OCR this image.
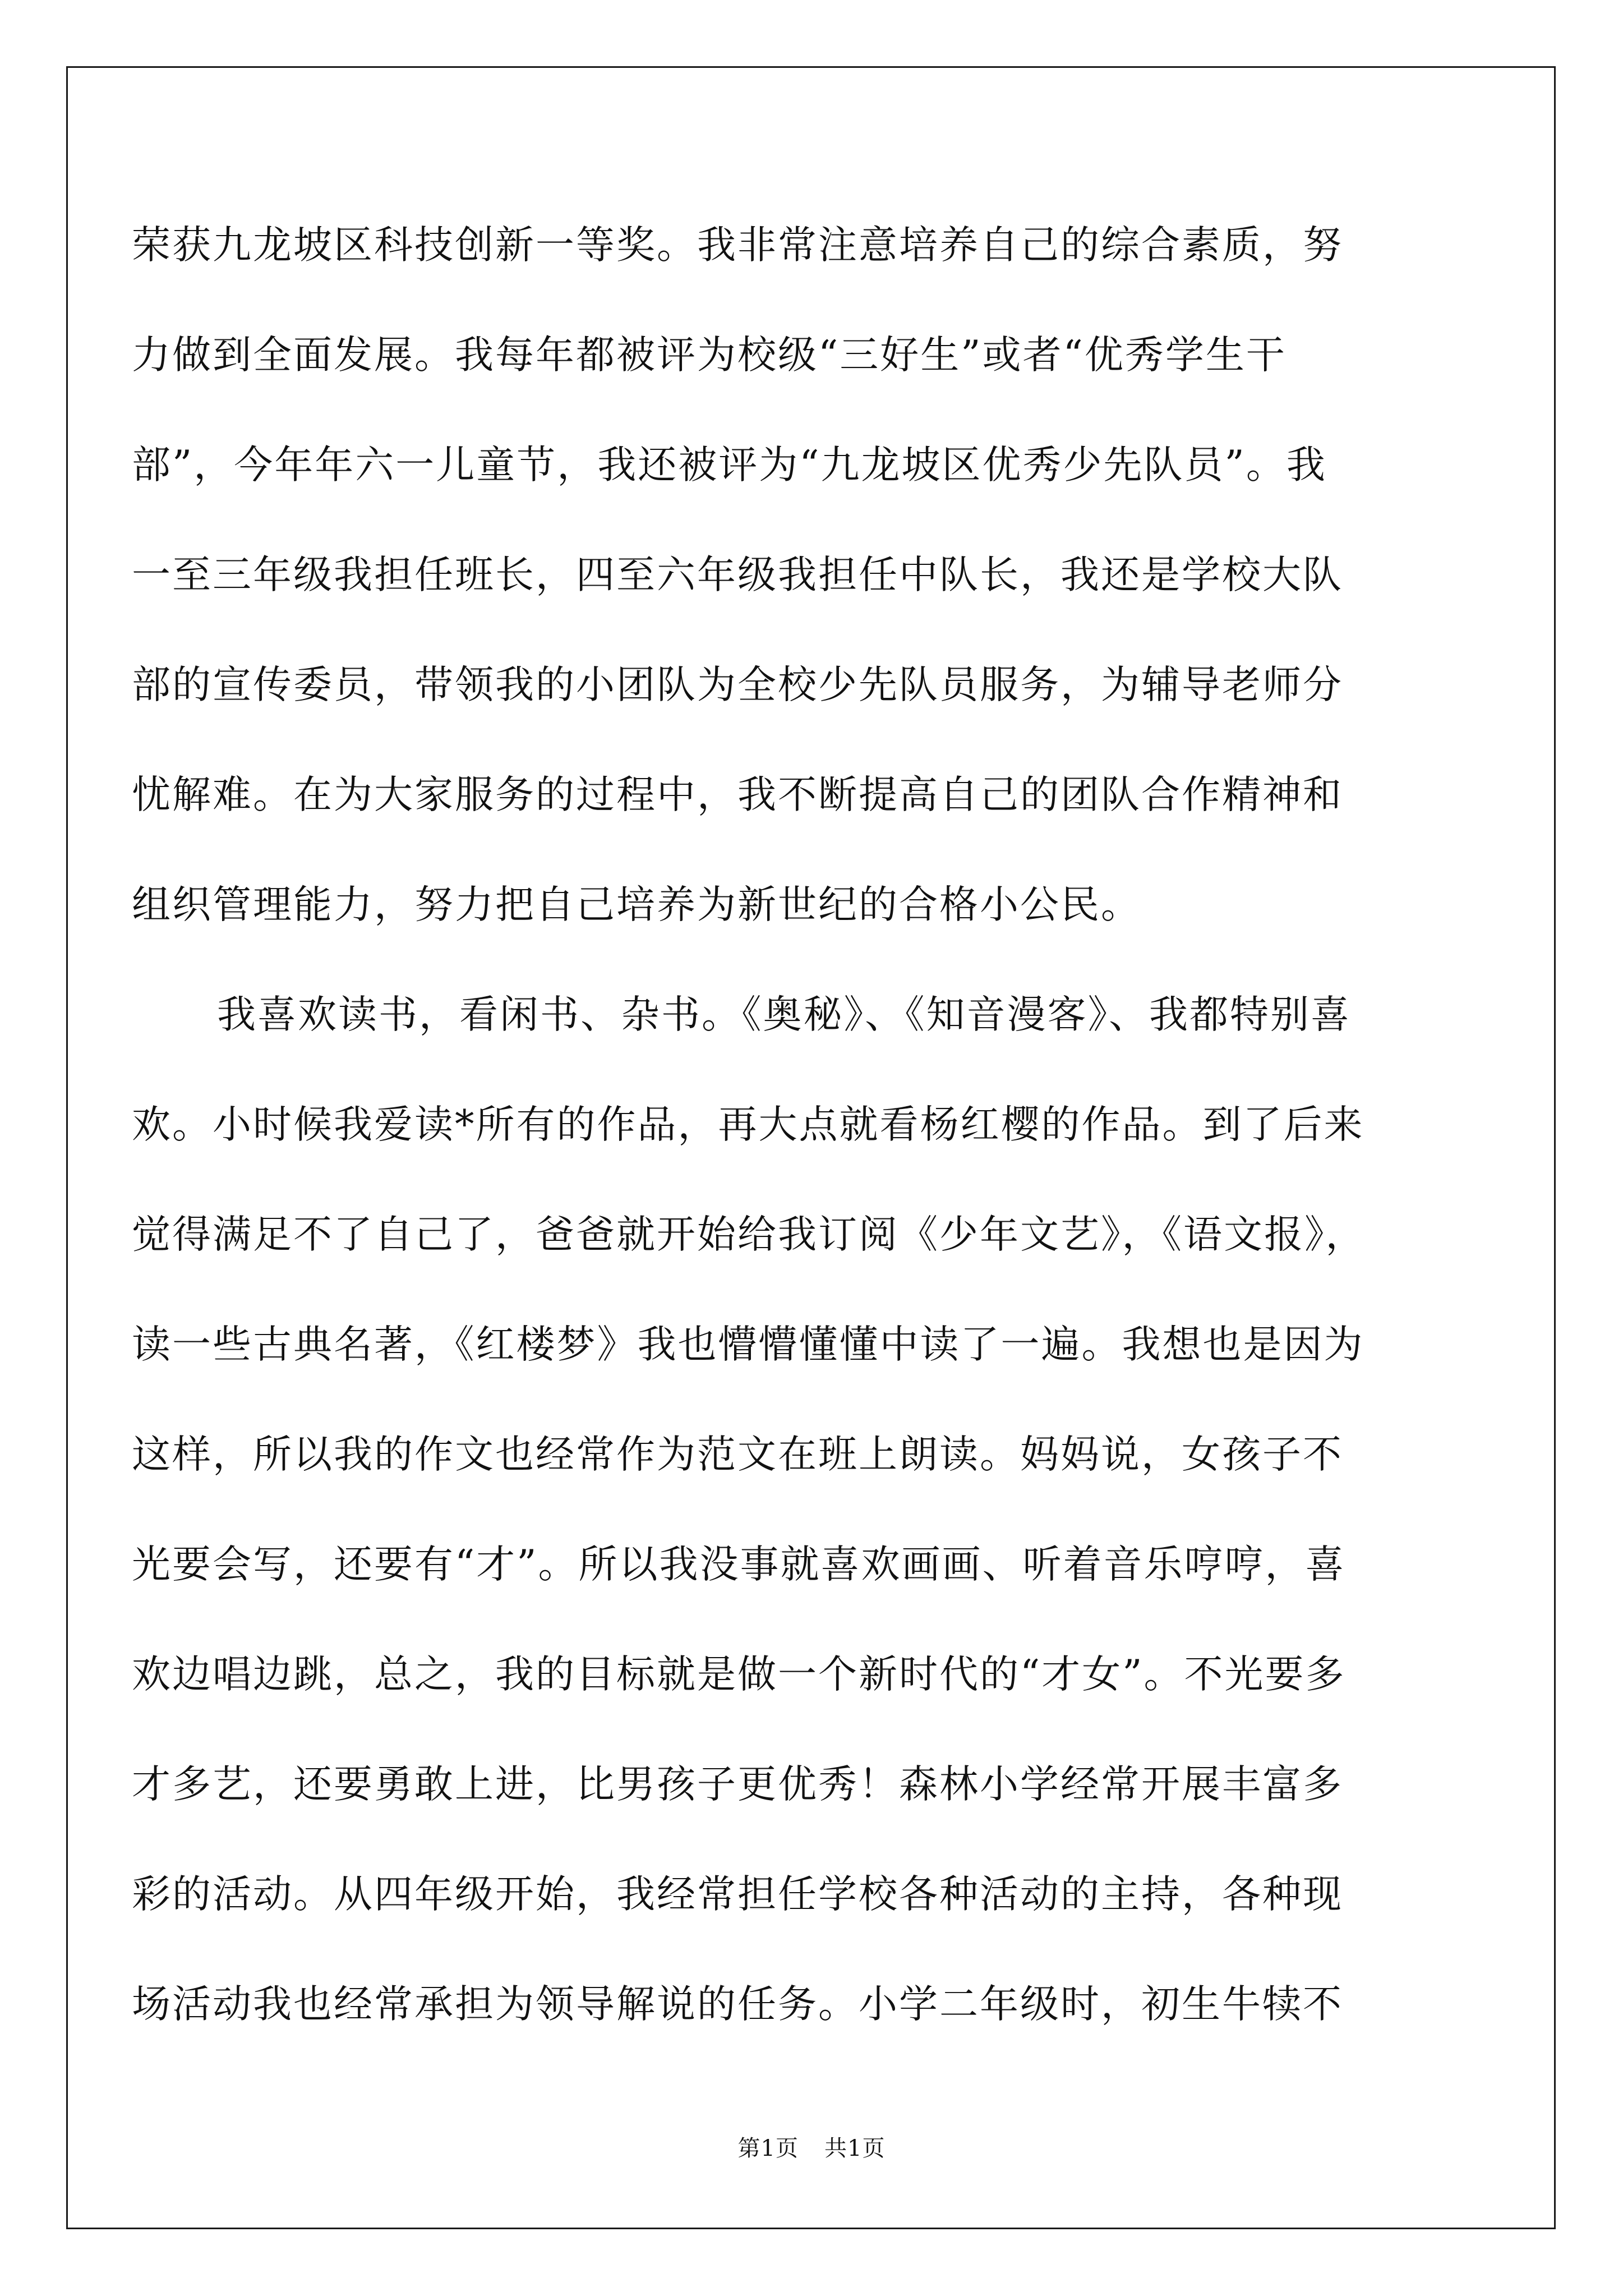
荣获九龙坡区科技创新一等奖。我非常注意培养自己的综合素质，努
力做到全面发展。我每年都被评为校级“三好生”或者“优秀学生干
部”，今年年六一儿童节，我还被评为“九龙坡区优秀少先队员”。我
一至三年级我担任班长，四至六年级我担任中队长，我还是学校大队
部的宣传委员，带领我的小团队为全校少先队员服务，为辅导老师分
忧解难。在为大家服务的过程中，我不断提高自己的团队合作精神和
组织管理能力，努力把自己培养为新世纪的合格小公民。
我喜欢读书，看闲书、杂书。《奥秘》、《知音漫客》、我都特别喜
欢。小时候我爱读*所有的作品，再大点就看杨红樱的作品。到了后来
觉得满足不了自己了，爸爸就开始给我订阅《少年文艺》，《语文报》，
读一些古典名著，《红楼梦》我也懵懵懂懂中读了一遍。我想也是因为
这样，所以我的作文也经常作为范文在班上朗读。妈妈说，女孩子不
光要会写，还要有“才”。所以我没事就喜欢画画、听着音乐哼哼，喜
欢边唱边跳，总之，我的目标就是做一个新时代的“才女”。不光要多
才多艺，还要勇敢上进，比男孩子更优秀！森林小学经常开展丰富多
彩的活动。从四年级开始，我经常担任学校各种活动的主持，各种现
场活动我也经常承担为领导解说的任务。小学二年级时，初生牛犊不
第1页 共1页
